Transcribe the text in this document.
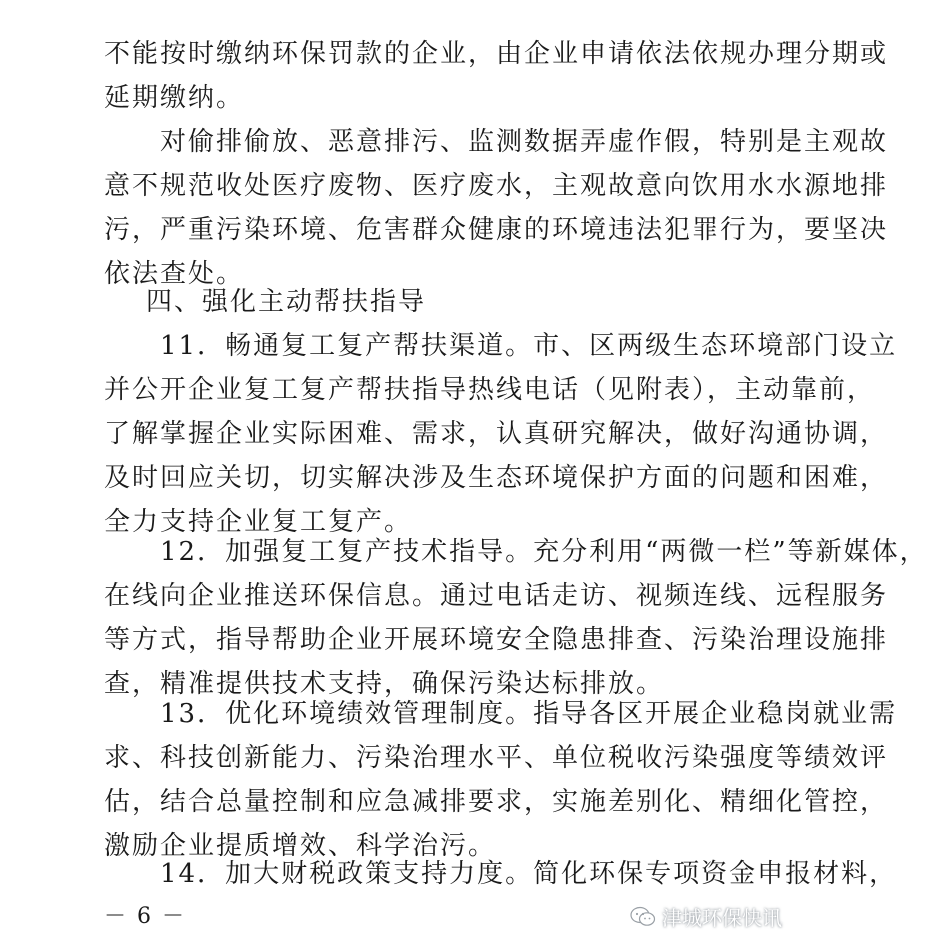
不能按时缴纳环保罚款的企业，由企业申请依法依规办理分期或
延期缴纳。
　　对偷排偷放、恶意排污、监测数据弄虚作假，特别是主观故
意不规范收处医疗废物、医疗废水，主观故意向饮用水水源地排
污，严重污染环境、危害群众健康的环境违法犯罪行为，要坚决
依法查处。
四、强化主动帮扶指导
　　11．畅通复工复产帮扶渠道。市、区两级生态环境部门设立
并公开企业复工复产帮扶指导热线电话（见附表），主动靠前，
了解掌握企业实际困难、需求，认真研究解决，做好沟通协调，
及时回应关切，切实解决涉及生态环境保护方面的问题和困难，
全力支持企业复工复产。
　　12．加强复工复产技术指导。充分利用“两微一栏”等新媒体，
在线向企业推送环保信息。通过电话走访、视频连线、远程服务
等方式，指导帮助企业开展环境安全隐患排查、污染治理设施排
查，精准提供技术支持，确保污染达标排放。
　　13．优化环境绩效管理制度。指导各区开展企业稳岗就业需
求、科技创新能力、污染治理水平、单位税收污染强度等绩效评
估，结合总量控制和应急减排要求，实施差别化、精细化管控，
激励企业提质增效、科学治污。
　　14．加大财税政策支持力度。简化环保专项资金申报材料，
－ 6 －	津城环保快讯
